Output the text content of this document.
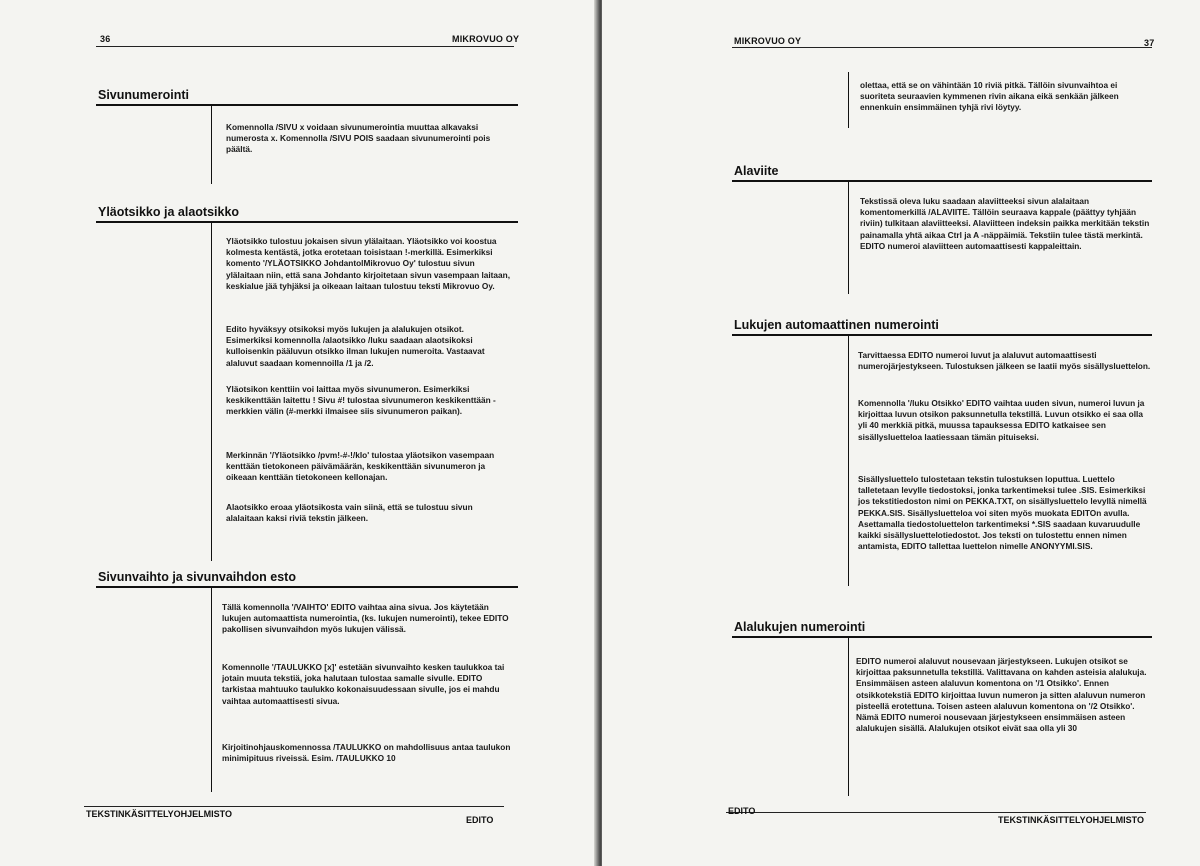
36	MIKROVUO OY
Sivunumerointi

Komennolla /SIVU x voidaan sivunumerointia muuttaa alkavaksi numerosta x. Komennolla /SIVU POIS saadaan sivunumerointi pois päältä.

Yläotsikko ja alaotsikko

Yläotsikko tulostuu jokaisen sivun ylälaitaan. Yläotsikko voi koostua kolmesta kentästä, jotka erotetaan toisistaan !-merkillä. Esimerkiksi komento '/YLÄOTSIKKO JohdantolMikrovuo Oy' tulostuu sivun ylälaitaan niin, että sana Johdanto kirjoitetaan sivun vasempaan laitaan, keskialue jää tyhjäksi ja oikeaan laitaan tulostuu teksti Mikrovuo Oy.

Edito hyväksyy otsikoksi myös lukujen ja alalukujen otsikot. Esimerkiksi komennolla /alaotsikko /luku saadaan alaotsikoksi kulloisenkin pääluvun otsikko ilman lukujen numeroita. Vastaavat alaluvut saadaan komennoilla /1 ja /2.

Yläotsikon kenttiin voi laittaa myös sivunumeron. Esimerkiksi keskikenttään laitettu ! Sivu #! tulostaa sivunumeron keskikenttään - merkkien välin (#-merkki ilmaisee siis sivunumeron paikan).

Merkinnän '/Yläotsikko /pvm!-#-!/klo' tulostaa yläotsikon vasempaan kenttään tietokoneen päivämäärän, keskikenttään sivunumeron ja oikeaan kenttään tietokoneen kellonajan.

Alaotsikko eroaa yläotsikosta vain siinä, että se tulostuu sivun alalaitaan kaksi riviä tekstin jälkeen.

Sivunvaihto ja sivunvaihdon esto

Tällä komennolla '/VAIHTO' EDITO vaihtaa aina sivua. Jos käytetään lukujen automaattista numerointia, (ks. lukujen numerointi), tekee EDITO pakollisen sivunvaihdon myös lukujen välissä.

Komennolle '/TAULUKKO [x]' estetään sivunvaihto kesken taulukkoa tai jotain muuta tekstiä, joka halutaan tulostaa samalle sivulle. EDITO tarkistaa mahtuuko taulukko kokonaisuudessaan sivulle, jos ei mahdu vaihtaa automaattisesti sivua.

Kirjoitinohjauskomennossa /TAULUKKO on mahdollisuus antaa taulukon minimipituus riveissä. Esim. /TAULUKKO 10

TEKSTINKÄSITTELYOHJELMISTO
EDITO
MIKROVUO OY	37

olettaa, että se on vähintään 10 riviä pitkä. Tällöin sivunvaihtoa ei suoriteta seuraavien kymmenen rivin aikana eikä senkään jälkeen ennenkuin ensimmäinen tyhjä rivi löytyy.

Alaviite

Tekstissä oleva luku saadaan alaviitteeksi sivun alalaitaan komentomerkillä /ALAVIITE. Tällöin seuraava kappale (päättyy tyhjään riviin) tulkitaan alaviitteeksi. Alaviitteen indeksin paikka merkitään tekstin painamalla yhtä aikaa Ctrl ja A -näppäimiä. Tekstiin tulee tästä merkintä. EDITO numeroi alaviitteen automaattisesti kappaleittain.

Lukujen automaattinen numerointi

Tarvittaessa EDITO numeroi luvut ja alaluvut automaattisesti numerojärjestykseen. Tulostuksen jälkeen se laatii myös sisällysluettelon.

Komennolla '/luku Otsikko' EDITO vaihtaa uuden sivun, numeroi luvun ja kirjoittaa luvun otsikon paksunnetulla tekstillä. Luvun otsikko ei saa olla yli 40 merkkiä pitkä, muussa tapauksessa EDITO katkaisee sen sisällysluetteloa laatiessaan tämän pituiseksi.

Sisällysluettelo tulostetaan tekstin tulostuksen loputtua. Luettelo talletetaan levylle tiedostoksi, jonka tarkentimeksi tulee .SIS. Esimerkiksi jos tekstitiedoston nimi on PEKKA.TXT, on sisällysluettelo levyllä nimellä PEKKA.SIS. Sisällysluetteloa voi siten myös muokata EDITOn avulla. Asettamalla tiedostoluettelon tarkentimeksi *.SIS saadaan kuvaruudulle kaikki sisällysluettelotiedostot. Jos teksti on tulostettu ennen nimen antamista, EDITO tallettaa luettelon nimelle ANONYYMI.SIS.

Alalukujen numerointi

EDITO numeroi alaluvut nousevaan järjestykseen. Lukujen otsikot se kirjoittaa paksunnetulla tekstillä. Valittavana on kahden asteisia alalukuja. Ensimmäisen asteen alaluvun komentona on '/1 Otsikko'. Ennen otsikkotekstiä EDITO kirjoittaa luvun numeron ja sitten alaluvun numeron pisteellä erotettuna. Toisen asteen alaluvun komentona on '/2 Otsikko'. Nämä EDITO numeroi nousevaan järjestykseen ensimmäisen asteen alalukujen sisällä. Alalukujen otsikot eivät saa olla yli 30

EDITO
TEKSTINKÄSITTELYOHJELMISTO
